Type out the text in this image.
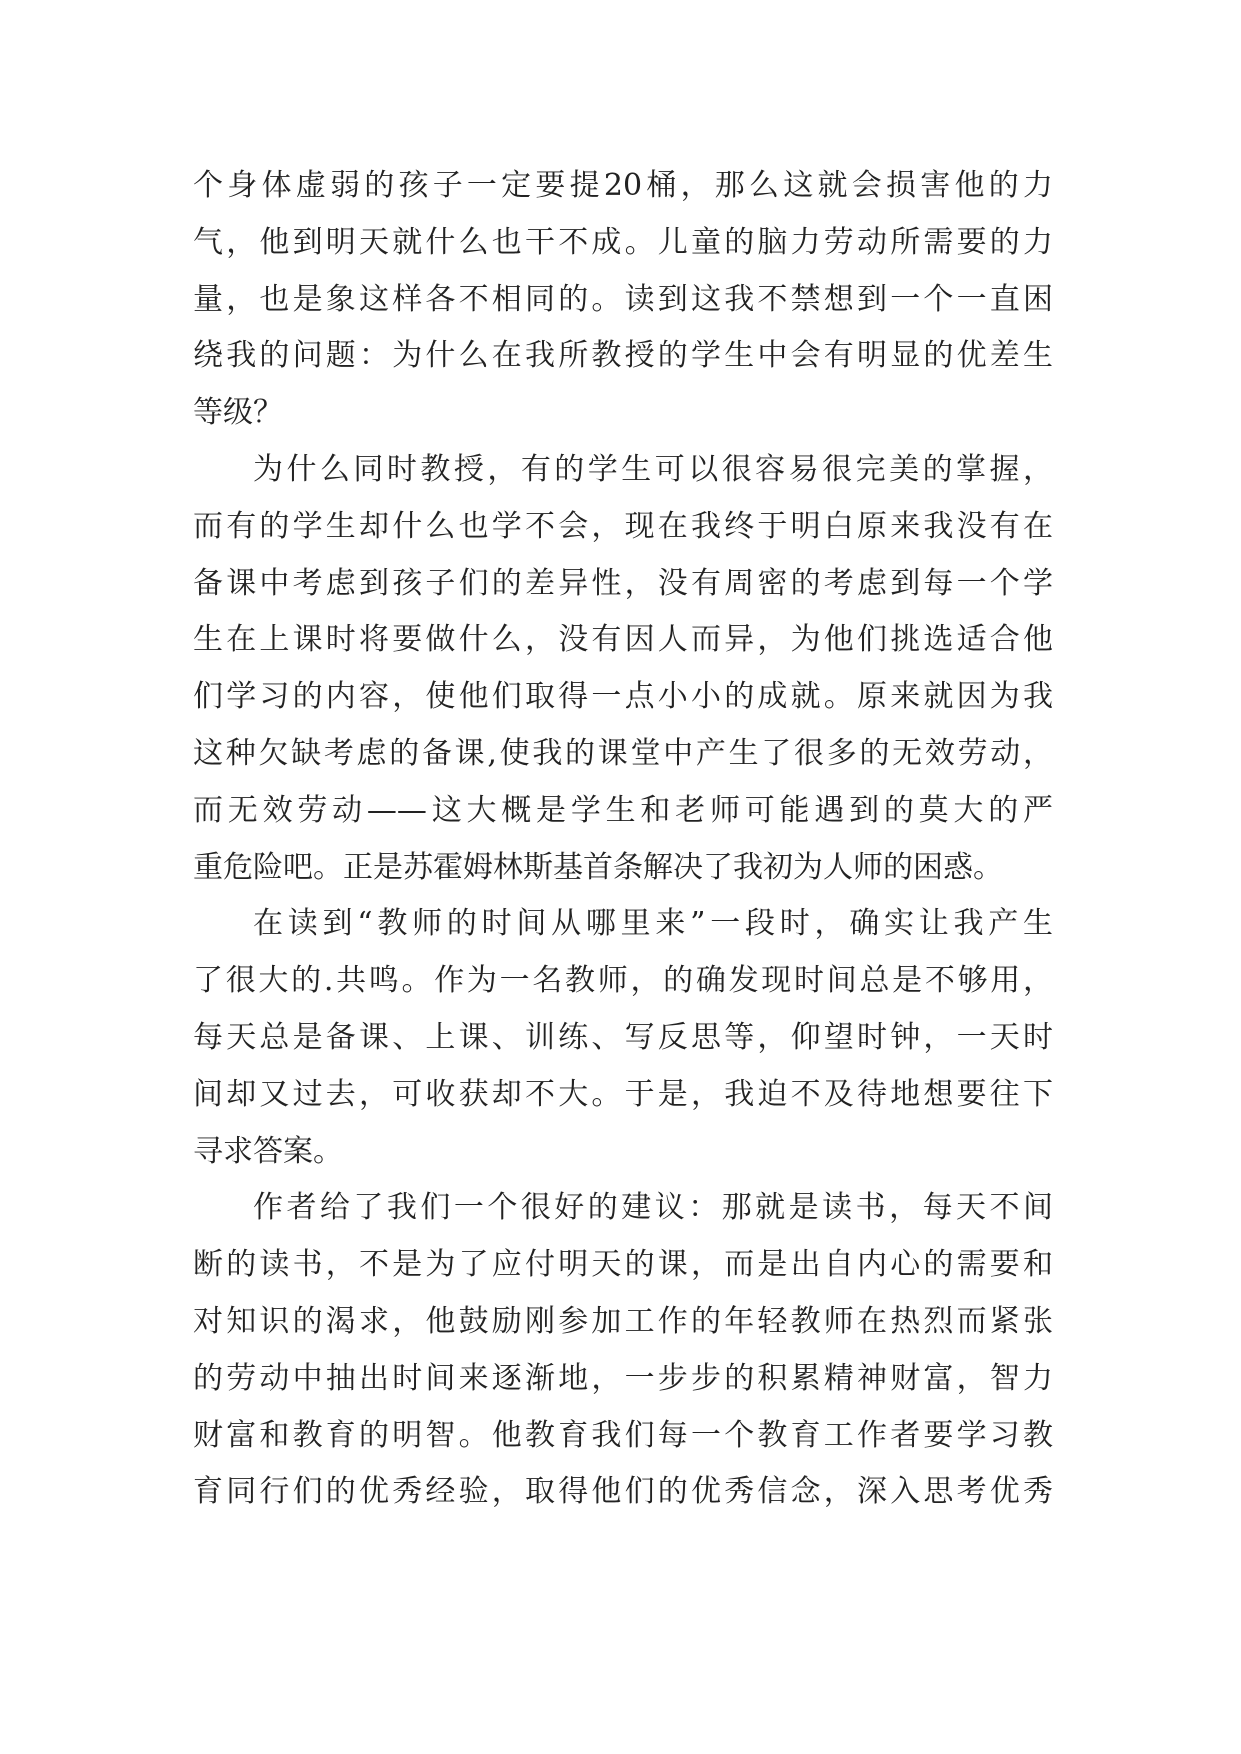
个身体虚弱的孩子一定要提20桶，那么这就会损害他的力
气，他到明天就什么也干不成。儿童的脑力劳动所需要的力
量，也是象这样各不相同的。读到这我不禁想到一个一直困
绕我的问题：为什么在我所教授的学生中会有明显的优差生
等级？
为什么同时教授，有的学生可以很容易很完美的掌握，
而有的学生却什么也学不会，现在我终于明白原来我没有在
备课中考虑到孩子们的差异性，没有周密的考虑到每一个学
生在上课时将要做什么，没有因人而异，为他们挑选适合他
们学习的内容，使他们取得一点小小的成就。原来就因为我
这种欠缺考虑的备课,使我的课堂中产生了很多的无效劳动，
而无效劳动——这大概是学生和老师可能遇到的莫大的严
重危险吧。正是苏霍姆林斯基首条解决了我初为人师的困惑。
在读到“教师的时间从哪里来”一段时，确实让我产生
了很大的.共鸣。作为一名教师，的确发现时间总是不够用，
每天总是备课、上课、训练、写反思等，仰望时钟，一天时
间却又过去，可收获却不大。于是，我迫不及待地想要往下
寻求答案。
作者给了我们一个很好的建议：那就是读书，每天不间
断的读书，不是为了应付明天的课，而是出自内心的需要和
对知识的渴求，他鼓励刚参加工作的年轻教师在热烈而紧张
的劳动中抽出时间来逐渐地，一步步的积累精神财富，智力
财富和教育的明智。他教育我们每一个教育工作者要学习教
育同行们的优秀经验，取得他们的优秀信念，深入思考优秀
